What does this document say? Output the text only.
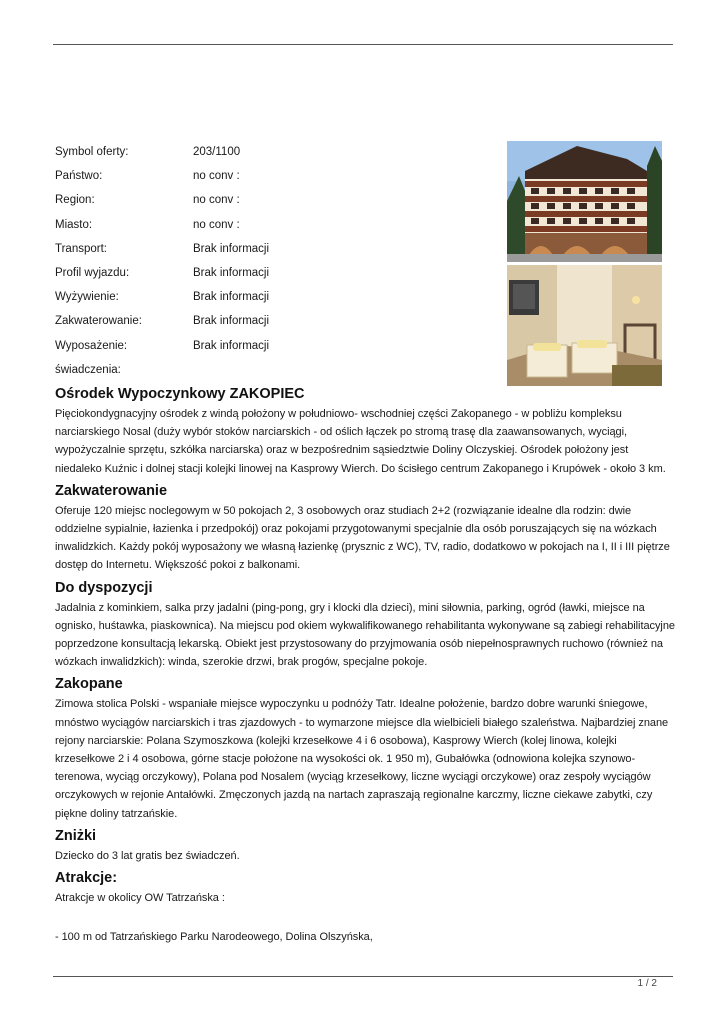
Symbol oferty:	203/1100
Państwo:	no conv :
Region:	no conv :
Miasto:	no conv :
Transport:	Brak informacji
Profil wyjazdu:	Brak informacji
Wyżywienie:	Brak informacji
Zakwaterowanie:	Brak informacji
Wyposażenie:	Brak informacji
świadczenia:
Ośrodek Wypoczynkowy ZAKOPIEC

Pięciokondygnacyjny ośrodek z windą położony w południowo- wschodniej części Zakopanego - w pobliżu kompleksu narciarskiego Nosal (duży wybór stoków narciarskich - od oślich łączek po stromą trasę dla zaawansowanych, wyciągi, wypożyczalnie sprzętu, szkółka narciarska) oraz w bezpośrednim sąsiedztwie Doliny Olczyskiej. Ośrodek położony jest niedaleko Kuźnic i dolnej stacji kolejki linowej na Kasprowy Wierch. Do ścisłego centrum Zakopanego i Krupówek - około 3 km.

Zakwaterowanie

Oferuje 120 miejsc noclegowym w 50 pokojach 2, 3 osobowych oraz studiach 2+2 (rozwiązanie idealne dla rodzin: dwie oddzielne sypialnie, łazienka i przedpokój) oraz pokojami przygotowanymi specjalnie dla osób poruszających się na wózkach inwalidzkich. Każdy pokój wyposażony we własną łazienkę (prysznic z WC), TV, radio, dodatkowo w pokojach na I, II i III piętrze dostęp do Internetu. Większość pokoi z balkonami.

Do dyspozycji

Jadalnia z kominkiem, salka przy jadalni (ping-pong, gry i klocki dla dzieci), mini siłownia, parking, ogród (ławki, miejsce na ognisko, huśtawka, piaskownica). Na miejscu pod okiem wykwalifikowanego rehabilitanta wykonywane są zabiegi rehabilitacyjne poprzedzone konsultacją lekarską. Obiekt jest przystosowany do przyjmowania osób niepełnosprawnych ruchowo (również na wózkach inwalidzkich): winda, szerokie drzwi, brak progów, specjalne pokoje.

Zakopane

Zimowa stolica Polski - wspaniałe miejsce wypoczynku u podnóży Tatr. Idealne położenie, bardzo dobre warunki śniegowe, mnóstwo wyciągów narciarskich i tras zjazdowych - to wymarzone miejsce dla wielbicieli białego szaleństwa. Najbardziej znane rejony narciarskie: Polana Szymoszkowa (kolejki krzesełkowe 4 i 6 osobowa), Kasprowy Wierch (kolej linowa, kolejki krzesełkowe 2 i 4 osobowa, górne stacje położone na wysokości ok. 1 950 m), Gubałówka (odnowiona kolejka szynowo-terenowa, wyciąg orczykowy), Polana pod Nosalem (wyciąg krzesełkowy, liczne wyciągi orczykowe) oraz zespoły wyciągów orczykowych w rejonie Antałówki. Zmęczonych jazdą na nartach zapraszają regionalne karczmy, liczne ciekawe zabytki, czy piękne doliny tatrzańskie.

Zniżki

Dziecko do 3 lat gratis bez świadczeń.

Atrakcje:

Atrakcje w okolicy OW Tatrzańska :

- 100 m od Tatrzańskiego Parku Narodeowego, Dolina Olszyńska,

1 / 2
